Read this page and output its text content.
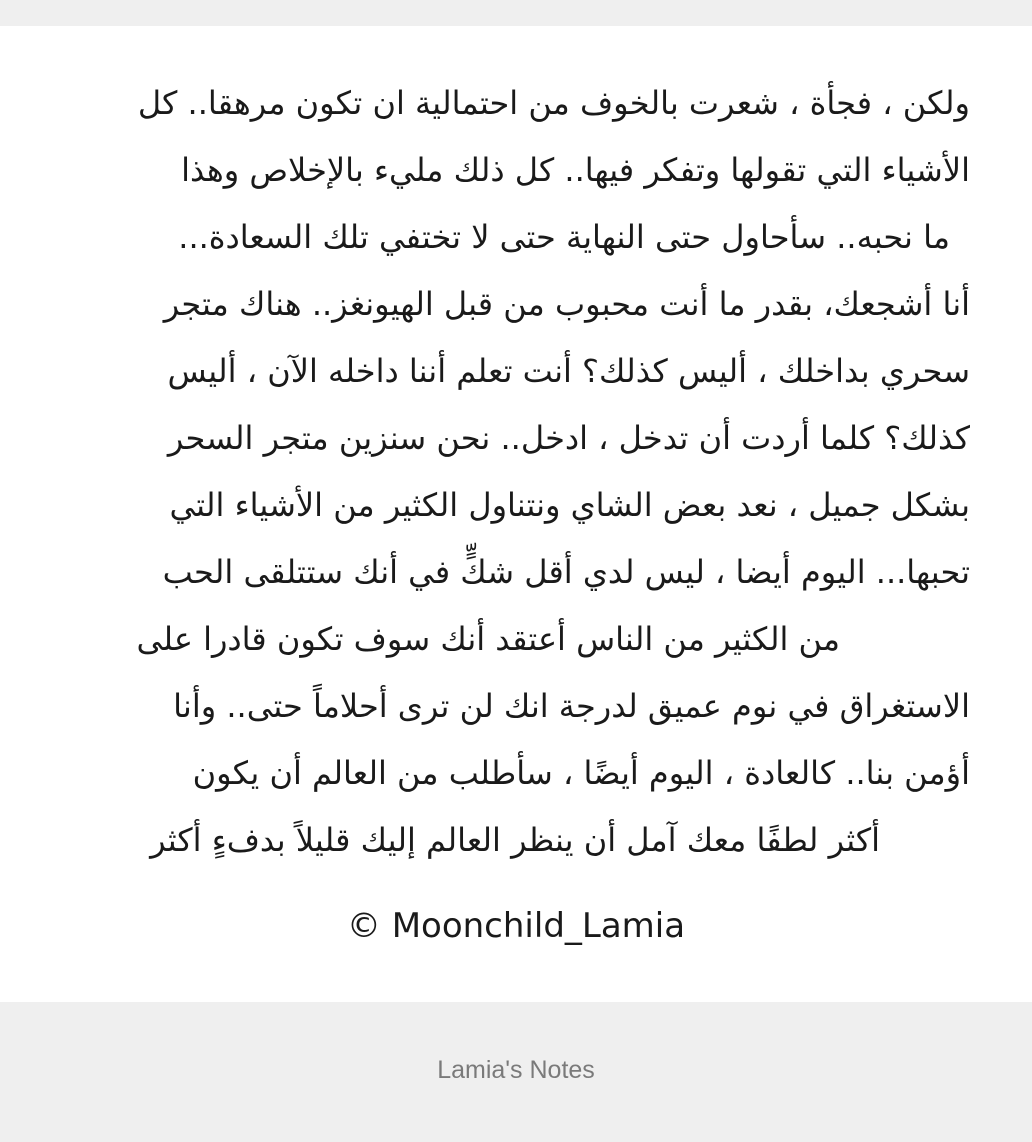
ولكن ، فجأة ، شعرت بالخوف من احتمالية ان تكون مرهقا.. كل
الأشياء التي تقولها وتفكر فيها.. كل ذلك مليء بالإخلاص وهذا
ما نحبه.. سأحاول حتى النهاية حتى لا تختفي تلك السعادة...
أنا أشجعك، بقدر ما أنت محبوب من قبل الهيونغز.. هناك متجر
سحري بداخلك ، أليس كذلك؟ أنت تعلم أننا داخله الآن ، أليس
كذلك؟ كلما أردت أن تدخل ، ادخل.. نحن سنزين متجر السحر
بشكل جميل ، نعد بعض الشاي ونتناول الكثير من الأشياء التي
تحبها... اليوم أيضا ، ليس لدي أقل شكٍّ في أنك ستتلقى الحب
من الكثير من الناس أعتقد أنك سوف تكون قادرا على
الاستغراق في نوم عميق لدرجة انك لن ترى أحلاماً حتى.. وأنا
أؤمن بنا.. كالعادة ، اليوم أيضًا ، سأطلب من العالم أن يكون
أكثر لطفًا معك آمل أن ينظر العالم إليك قليلاً بدفءٍ أكثر
© Moonchild_Lamia
Lamia's Notes
